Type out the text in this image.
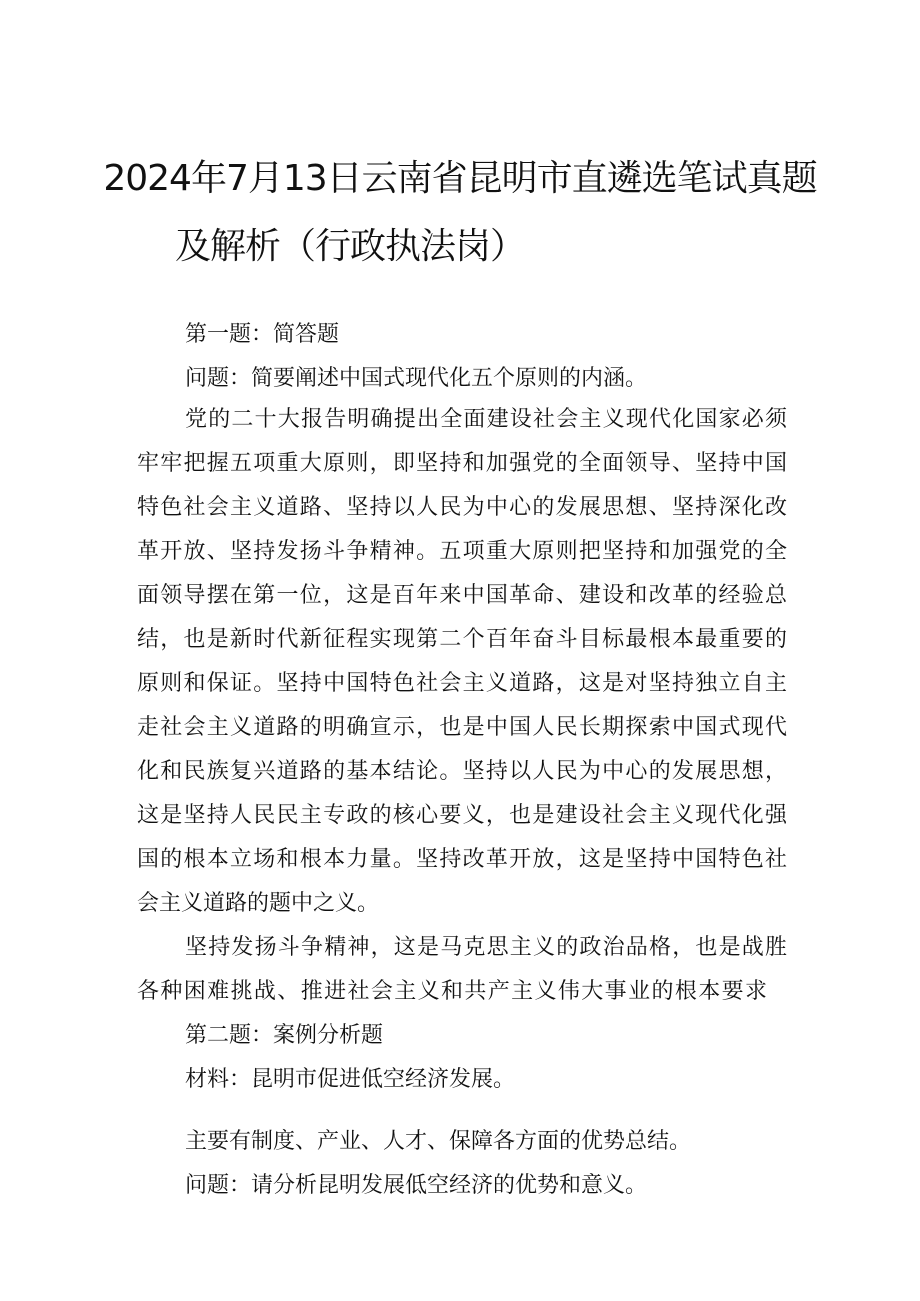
2024年7月13日云南省昆明市直遴选笔试真题
及解析（行政执法岗）
第一题：简答题
问题：简要阐述中国式现代化五个原则的内涵。
党的二十大报告明确提出全面建设社会主义现代化国家必须
牢牢把握五项重大原则，即坚持和加强党的全面领导、坚持中国
特色社会主义道路、坚持以人民为中心的发展思想、坚持深化改
革开放、坚持发扬斗争精神。五项重大原则把坚持和加强党的全
面领导摆在第一位，这是百年来中国革命、建设和改革的经验总
结，也是新时代新征程实现第二个百年奋斗目标最根本最重要的
原则和保证。坚持中国特色社会主义道路，这是对坚持独立自主
走社会主义道路的明确宣示，也是中国人民长期探索中国式现代
化和民族复兴道路的基本结论。坚持以人民为中心的发展思想，
这是坚持人民民主专政的核心要义，也是建设社会主义现代化强
国的根本立场和根本力量。坚持改革开放，这是坚持中国特色社
会主义道路的题中之义。
坚持发扬斗争精神，这是马克思主义的政治品格，也是战胜
各种困难挑战、推进社会主义和共产主义伟大事业的根本要求
第二题：案例分析题
材料：昆明市促进低空经济发展。
主要有制度、产业、人才、保障各方面的优势总结。
问题：请分析昆明发展低空经济的优势和意义。
